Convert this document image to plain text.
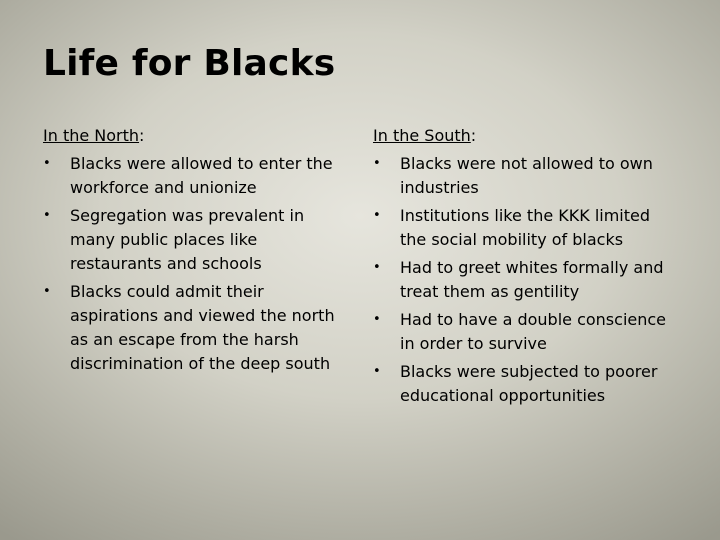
Life for Blacks
In the North:
• Blacks were allowed to enter the workforce and unionize
• Segregation was prevalent in many public places like restaurants and schools
• Blacks could admit their aspirations and viewed the north as an escape from the harsh discrimination of the deep south
In the South:
• Blacks were not allowed to own industries
• Institutions like the KKK limited the social mobility of blacks
• Had to greet whites formally and treat them as gentility
• Had to have a double conscience in order to survive
• Blacks were subjected to poorer educational opportunities
